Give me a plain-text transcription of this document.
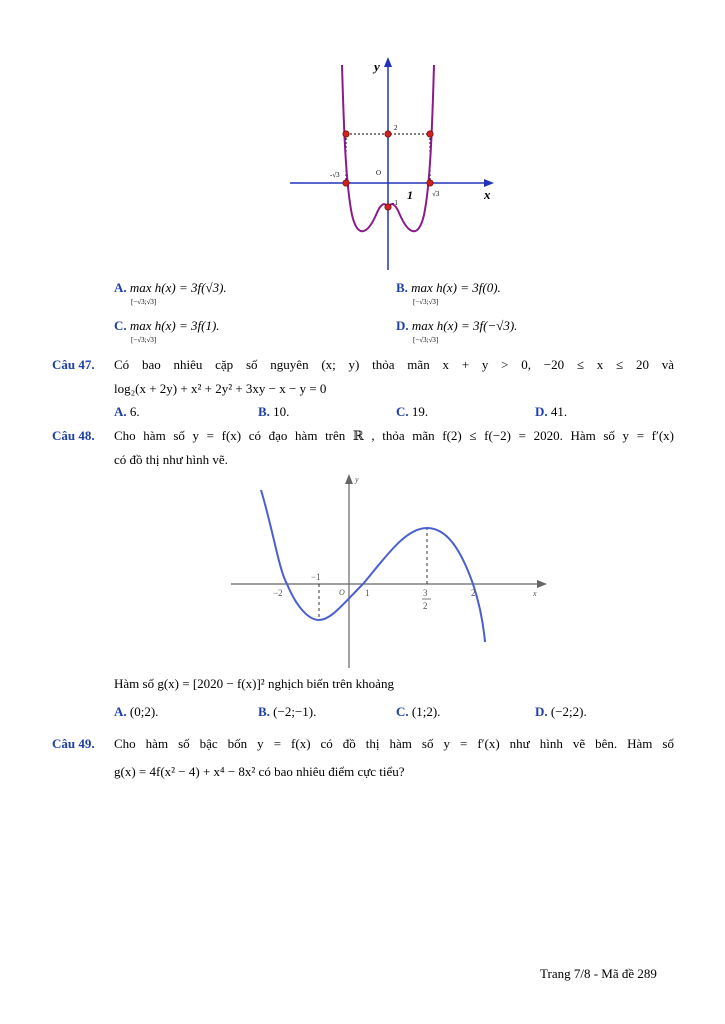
y
x
O
2
-√3
√3
1
-1
A. max h(x) = 3f(√3).	B. max h(x) = 3f(0).
C. max h(x) = 3f(1).	D. max h(x) = 3f(−√3).
[−√3;√3]	[−√3;√3]
[−√3;√3]	[−√3;√3]
Câu 47. Có bao nhiêu cặp số nguyên (x; y) thỏa mãn x + y > 0, −20 ≤ x ≤ 20 và
log₂(x + 2y) + x² + 2y² + 3xy − x − y = 0
A. 6.	B. 10.	C. 19.	D. 41.
Câu 48. Cho hàm số y = f(x) có đạo hàm trên ℝ , thỏa mãn f(2) ≤ f(−2) = 2020. Hàm số y = f′(x)
có đồ thị như hình vẽ.
y
x
O
−2
−1
1	2
3
2
Hàm số g(x) = [2020 − f(x)]² nghịch biến trên khoảng
A. (0;2).	B. (−2;−1).	C. (1;2).	D. (−2;2).
Câu 49. Cho hàm số bậc bốn y = f(x) có đồ thị hàm số y = f′(x) như hình vẽ bên. Hàm số
g(x) = 4f(x² − 4) + x⁴ − 8x² có bao nhiêu điểm cực tiểu?
Trang 7/8 - Mã đề 289
